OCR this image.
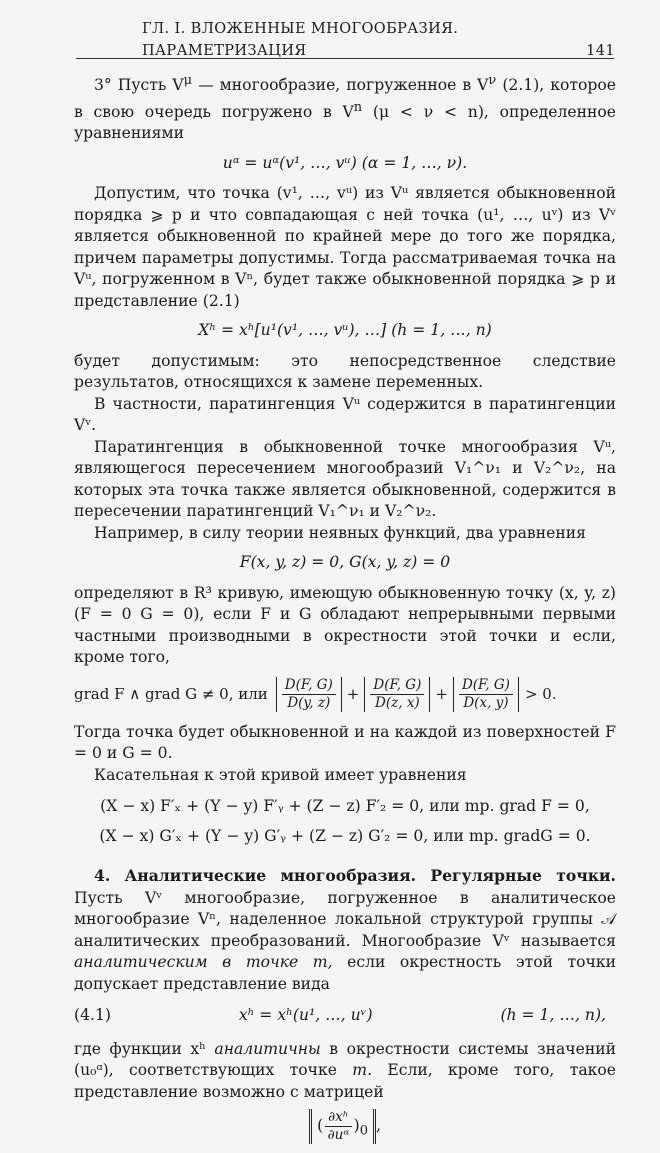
ГЛ. I. ВЛОЖЕННЫЕ МНОГООБРАЗИЯ. ПАРАМЕТРИЗАЦИЯ	141

3° Пусть $V^\mu$ — многообразие, погруженное в $V^\nu$ (2.1), которое в свою очередь погружено в $V^n$ (μ < ν < n), определенное уравнениями

uᵅ = uᵅ(v¹, …, vᵘ) (α = 1, …, ν).

Допустим, что точка (v¹, …, vᵘ) из Vᵘ является обыкновенной порядка ⩾ p и что совпадающая с ней точка (u¹, …, uᵛ) из Vᵛ является обыкновенной по крайней мере до того же порядка, причем параметры допустимы. Тогда рассматриваемая точка на Vᵘ, погруженном в Vⁿ, будет также обыкновенной порядка ⩾ p и представление (2.1)

Xʰ = xʰ[u¹(v¹, …, vᵘ), …] (h = 1, …, n)

будет допустимым: это непосредственное следствие результатов, относящихся к замене переменных.

В частности, паратингенция Vᵘ содержится в паратингенции Vᵛ.

Паратингенция в обыкновенной точке многообразия Vᵘ, являющегося пересечением многообразий V₁^ν₁ и V₂^ν₂, на которых эта точка также является обыкновенной, содержится в пересечении паратингенций V₁^ν₁ и V₂^ν₂.

Например, в силу теории неявных функций, два уравнения

F(x, y, z) = 0, G(x, y, z) = 0

определяют в R³ кривую, имеющую обыкновенную точку (x, y, z) (F = 0 G = 0), если F и G обладают непрерывными первыми частными производными в окрестности этой точки и если, кроме того,

grad F ∧ grad G ≠ 0, или $\frac{D(F, G)}{D(y, z)} + \frac{D(F, G)}{D(z, x)} + \frac{D(F, G)}{D(x, y)} > 0$.

Тогда точка будет обыкновенной и на каждой из поверхностей F = 0 и G = 0.

Касательная к этой кривой имеет уравнения

(X − x) F′ₓ + (Y − y) F′ᵧ + (Z − z) F′₂ = 0, или mp. grad F = 0,
(X − x) G′ₓ + (Y − y) G′ᵧ + (Z − z) G′₂ = 0, или mp. gradG = 0.

4. Аналитические многообразия. Регулярные точки. Пусть Vᵛ многообразие, погруженное в аналитическое многообразие Vⁿ, наделенное локальной структурой группы 𝒜 аналитических преобразований. Многообразие Vᵛ называется аналитическим в точке m, если окрестность этой точки допускает представление вида

(4.1)	xʰ = xʰ(u¹, …, uᵛ)	(h = 1, …, n),

где функции xʰ аналитичны в окрестности системы значений (u₀ᵅ), соответствующих точке m. Если, кроме того, такое представление возможно с матрицей

( $\frac{\text{∂xʰ}}{\text{∂uᵅ}} )_0$ ,
